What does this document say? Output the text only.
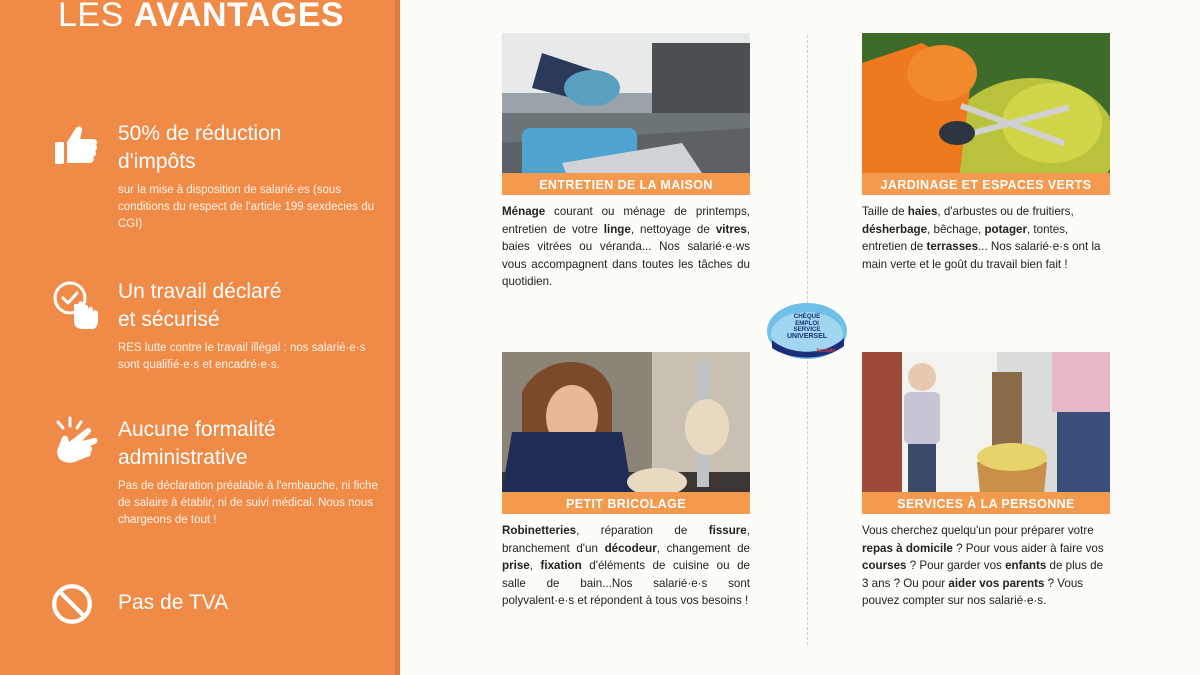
LES AVANTAGES
50% de réduction
d'impôts

sur la mise à disposition de salarié·es (sous conditions du respect de l'article 199 sexdecies du CGI)

Un travail déclaré
et sécurisé

RES lutte contre le travail illégal : nos salarié·e·s sont qualifié·e·s et encadré·e·s.

Aucune formalité
administrative

Pas de déclaration préalable à l'embauche, ni fiche de salaire à établir, ni de suivi médical. Nous nous chargeons de tout !

Pas de TVA
ENTRETIEN DE LA MAISON
Ménage courant ou ménage de printemps, entretien de votre linge, nettoyage de vitres, baies vitrées ou véranda... Nos salarié·e·ws vous accompagnent dans toutes les tâches du quotidien.
JARDINAGE ET ESPACES VERTS
Taille de haies, d'arbustes ou de fruitiers, désherbage, bêchage, potager, tontes, entretien de terrasses... Nos salarié·e·s ont la main verte et le goût du travail bien fait !
CHÈQUE
EMPLOI
SERVICE
UNIVERSEL
Accepté
PETIT BRICOLAGE
Robinetteries, réparation de fissure, branchement d'un décodeur, changement de prise, fixation d'éléments de cuisine ou de salle de bain...Nos salarié·e·s sont polyvalent·e·s et répondent à tous vos besoins !
SERVICES À LA PERSONNE
Vous cherchez quelqu'un pour préparer votre repas à domicile ? Pour vous aider à faire vos courses ? Pour garder vos enfants de plus de 3 ans ? Ou pour aider vos parents ? Vous pouvez compter sur nos salarié·e·s.
